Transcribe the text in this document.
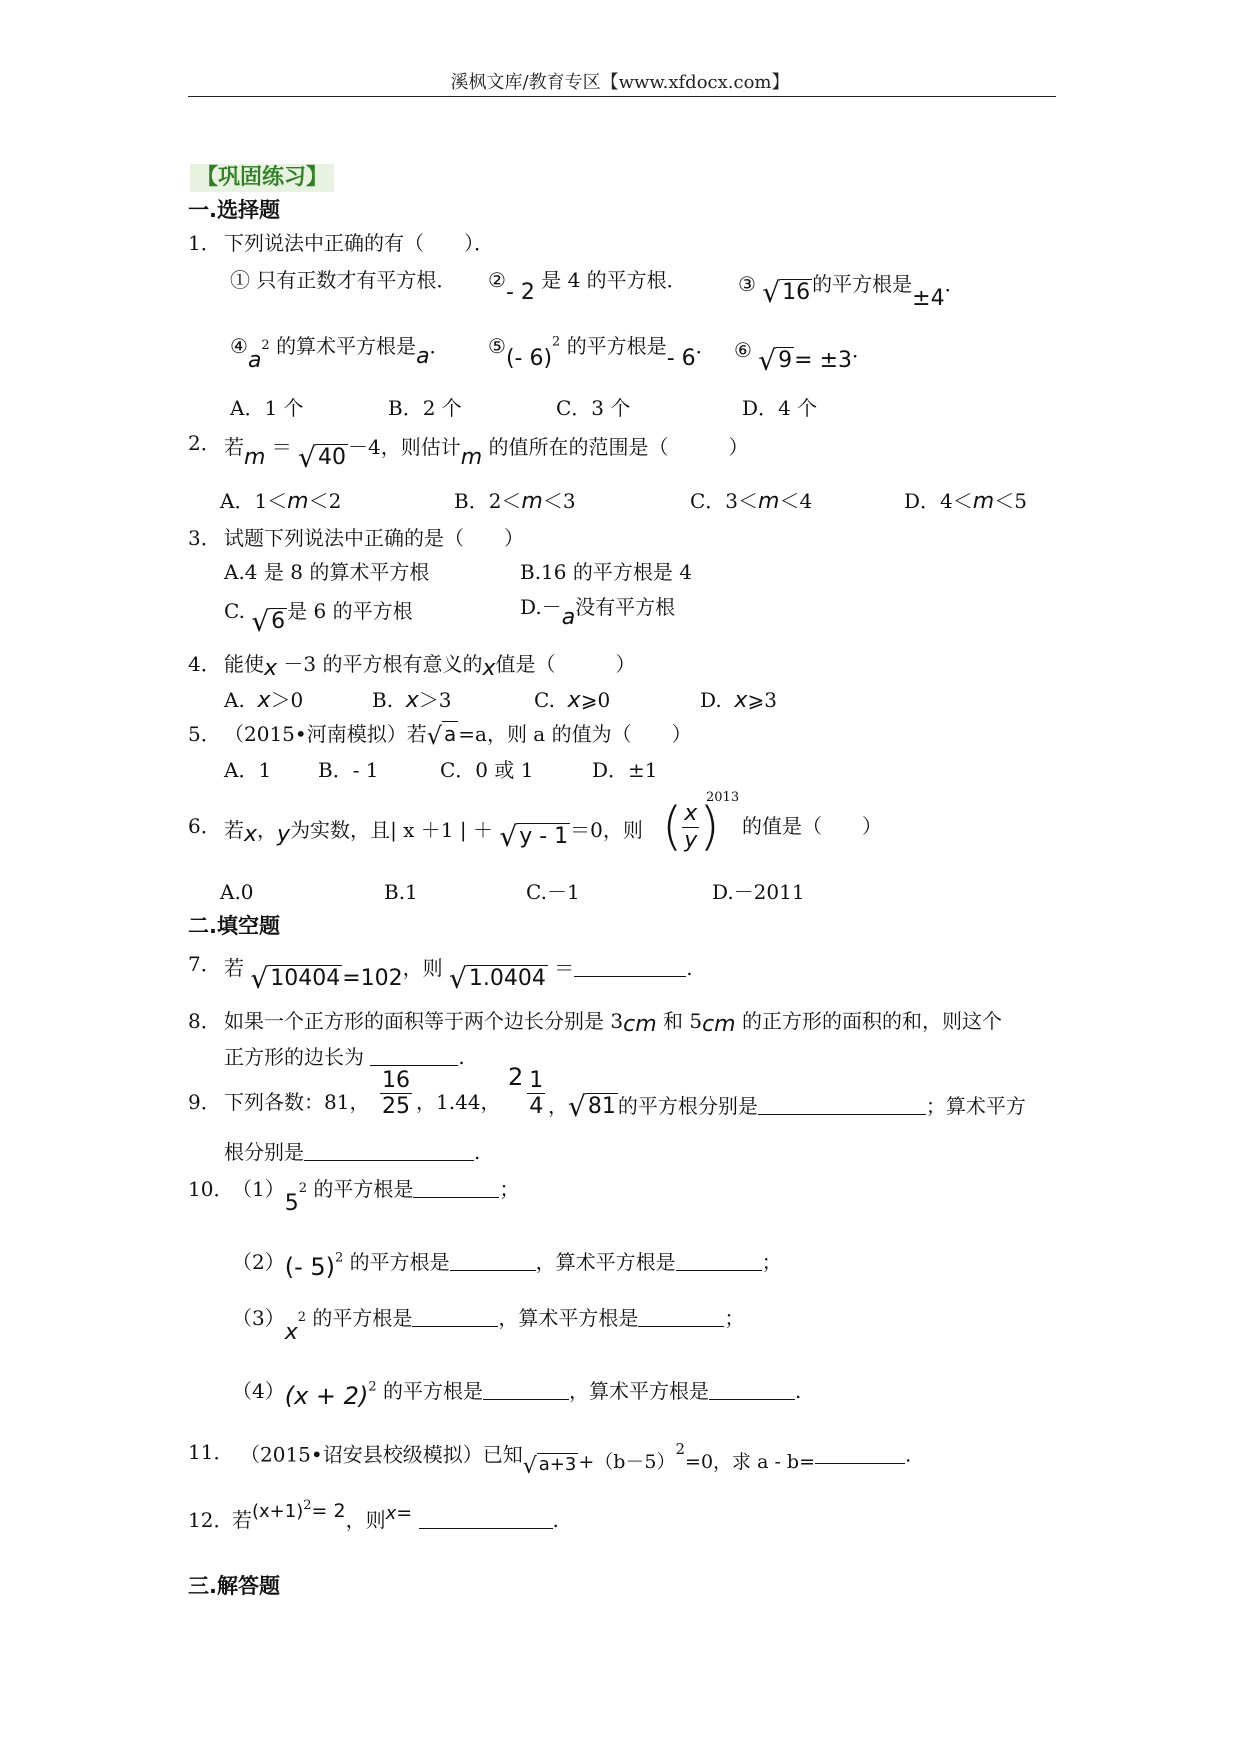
溪枫文库/教育专区【www.xfdocx.com】
【巩固练习】
一.选择题
1． 下列说法中正确的有（　　）．
① 只有正数才有平方根． ②- 2 是 4 的平方根．	③ √16 的平方根是±4．
$④a^2$ 的算术平方根是a． ⑤(- 6)$^2$ 的平方根是- 6． ⑥ √9= ±3．
A．1 个	B．2 个	C．3 个	D．4 个
2． 若m ＝ √40 －4，则估计m 的值所在的范围是（　　　）
A．1＜m＜2	B．2＜m＜3	C．3＜m＜4	D．4＜m＜5
3． 试题下列说法中正确的是（　　）
A.4 是 8 的算术平方根	B.16 的平方根是 4
C. √6 是 6 的平方根	D.－a没有平方根
4． 能使x －3 的平方根有意义的x值是（　　　）
A. x＞0	B. x＞3	C. x⩾0	D. x⩾3
5． （2015•河南模拟）若√ a =a，则 a 的值为（　　）
A．1 B．- 1	C．0 或 1	D．±1
6． 若x，y为实数，且| x ＋1 | ＋ √y - 1 ＝0，则 ( $\frac{x}{y}$ )
2013
的值是（　　）
A.0	B.1	C.－1	D.－2011
二.填空题
7． 若 √10404=102，则 √1.0404 ＝	.
8． 如果一个正方形的面积等于两个边长分别是 3cm 和 5cm 的正方形的面积的和，则这个
正方形的边长为	.
9． 下列各数：81， $\frac{16}{25}$ ，1.44，
$2 \frac{1}{4}$ ，√81 的平方根分别是	；算术平方
根分别是	.
10．
$(1)5^2$ 的平方根是	；
（2）(- 5)$^2$ 的平方根是	，算术平方根是	；
$(3)x^2$ 的平方根是	，算术平方根是	；
$(4)(x + 2)^2$ 的平方根是	，算术平方根是	.
11． （2015•诏安县校级模拟）已知√ $a+3 +(b-5)^2=0$，求 a - b=	.
12．
若$(x+1)^2= 2$，则x=	.
三.解答题
